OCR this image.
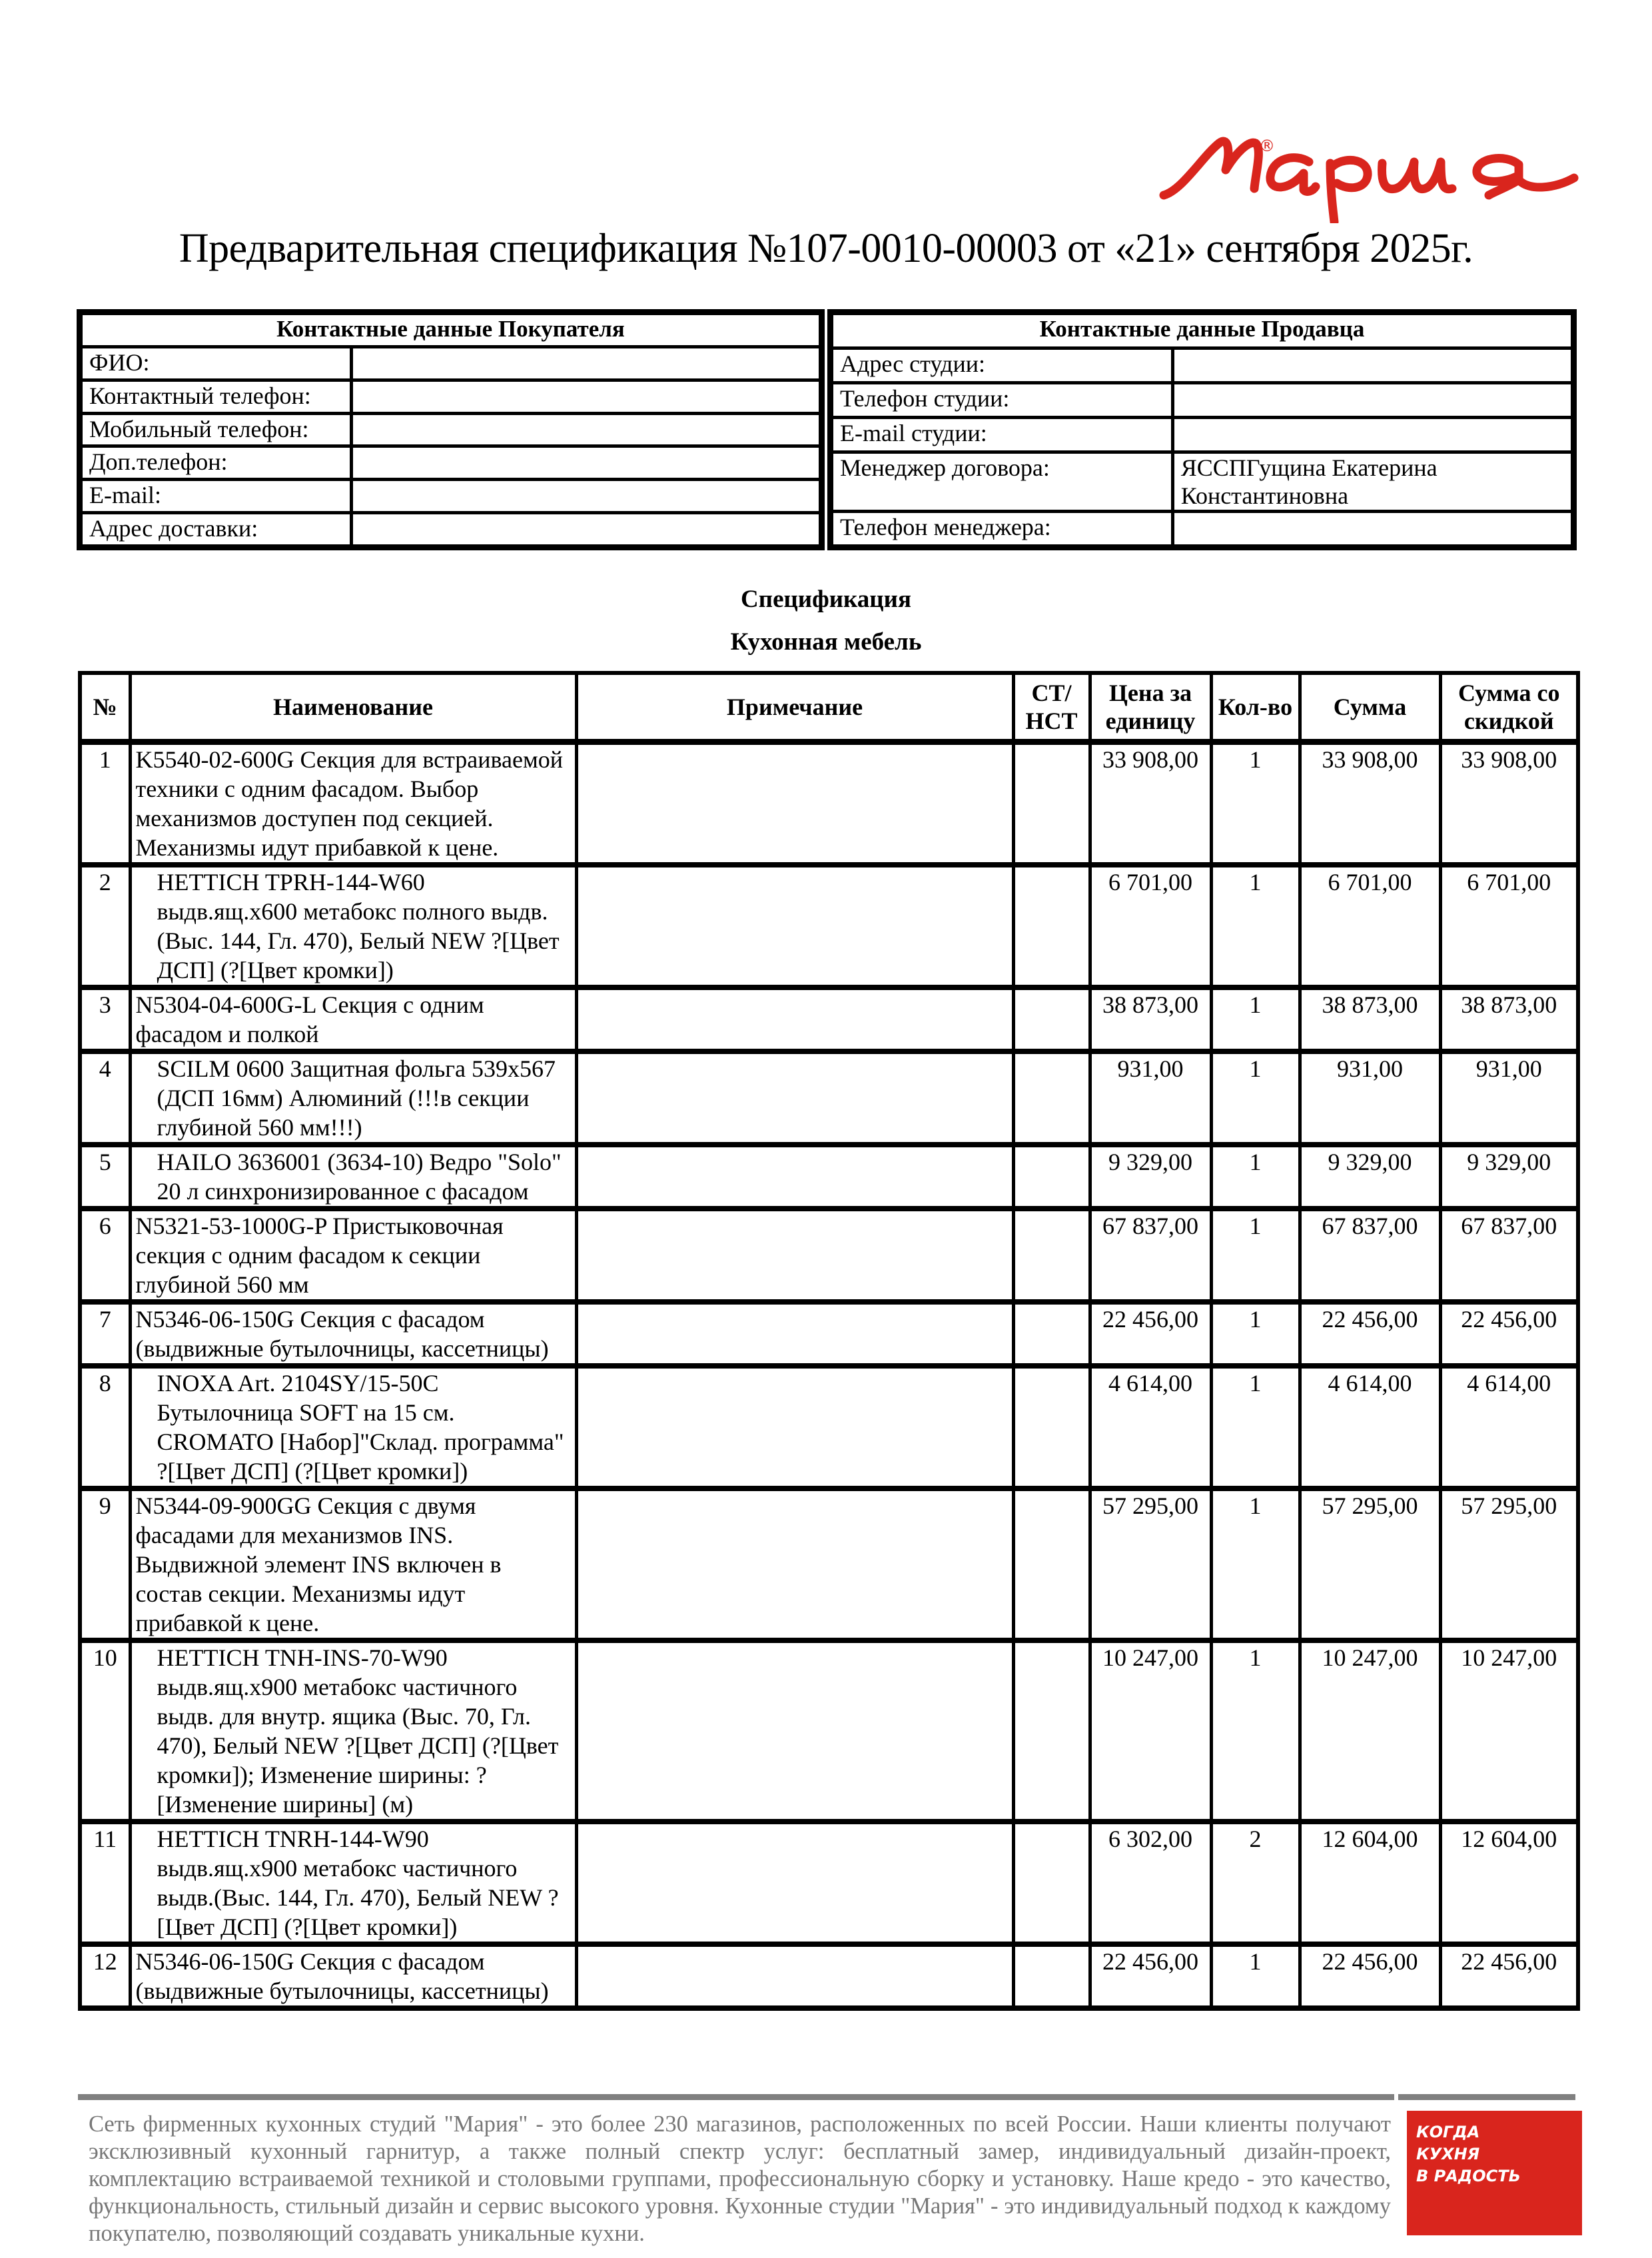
®
Предварительная спецификация №107-0010-00003 от «21» сентября 2025г.
Контактные данные Покупателя	
ФИО:	
Контактный телефон:	
Мобильный телефон:	
Доп.телефон:	
E-mail:	
Адрес доставки:	
Контактные данные Продавца	
Адрес студии:	
Телефон студии:	
E-mail студии:	
Менеджер договора:	ЯССПГущина Екатерина Константиновна
Телефон менеджера:	
Спецификация
Кухонная мебель
№	Наименование	Примечание	СТ/ НСТ	Цена за единицу	Кол-во	Сумма	Сумма со скидкой
1	K5540-02-600G Секция для встраиваемой техники с одним фасадом. Выбор механизмов доступен под секцией. Механизмы идут прибавкой к цене.			33 908,00	1	33 908,00	33 908,00
2	HETTICH TPRH-144-W60 выдв.ящ.x600 метабокс полного выдв. (Выс. 144, Гл. 470), Белый NEW ?[Цвет ДСП] (?[Цвет кромки])			6 701,00	1	6 701,00	6 701,00
3	N5304-04-600G-L Секция с одним фасадом и полкой			38 873,00	1	38 873,00	38 873,00
4	SCILM 0600 Защитная фольга 539x567 (ДСП 16мм) Алюминий (!!!в секции глубиной 560 мм!!!)			931,00	1	931,00	931,00
5	HAILO 3636001 (3634-10) Ведро "Solo" 20 л синхронизированное с фасадом			9 329,00	1	9 329,00	9 329,00
6	N5321-53-1000G-P Пристыковочная секция с одним фасадом к секции глубиной 560 мм			67 837,00	1	67 837,00	67 837,00
7	N5346-06-150G Секция с фасадом (выдвижные бутылочницы, кассетницы)			22 456,00	1	22 456,00	22 456,00
8	INOXA Art. 2104SY/15-50C Бутылочница SOFT на 15 см. CROMATO [Набор]"Склад. программа" ?[Цвет ДСП] (?[Цвет кромки])			4 614,00	1	4 614,00	4 614,00
9	N5344-09-900GG Секция с двумя фасадами для механизмов INS. Выдвижной элемент INS включен в состав секции. Механизмы идут прибавкой к цене.			57 295,00	1	57 295,00	57 295,00
10	HETTICH TNH-INS-70-W90 выдв.ящ.x900 метабокс частичного выдв. для внутр. ящика (Выс. 70, Гл. 470), Белый NEW ?[Цвет ДСП] (?[Цвет кромки]); Изменение ширины: ?[Изменение ширины] (м)			10 247,00	1	10 247,00	10 247,00
11	HETTICH TNRH-144-W90 выдв.ящ.x900 метабокс частичного выдв.(Выс. 144, Гл. 470), Белый NEW ?[Цвет ДСП] (?[Цвет кромки])			6 302,00	2	12 604,00	12 604,00
12	N5346-06-150G Секция с фасадом (выдвижные бутылочницы, кассетницы)			22 456,00	1	22 456,00	22 456,00
Сеть фирменных кухонных студий "Мария" - это более 230 магазинов, расположенных по всей России. Наши клиенты получают эксклюзивный кухонный гарнитур, а также полный спектр услуг: бесплатный замер, индивидуальный дизайн-проект, комплектацию встраиваемой техникой и столовыми группами, профессиональную сборку и установку. Наше кредо - это качество, функциональность, стильный дизайн и сервис высокого уровня. Кухонные студии "Мария" - это индивидуальный подход к каждому покупателю, позволяющий создавать уникальные кухни.
КОГДА
КУХНЯ
В РАДОСТЬ
